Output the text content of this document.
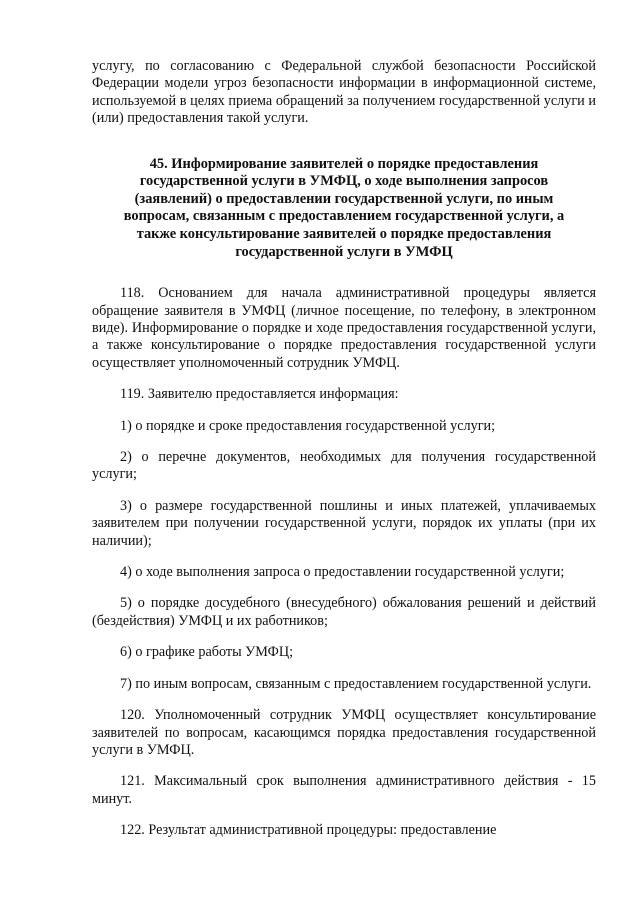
услугу, по согласованию с Федеральной службой безопасности Российской Федерации модели угроз безопасности информации в информационной системе, используемой в целях приема обращений за получением государственной услуги и (или) предоставления такой услуги.

45. Информирование заявителей о порядке предоставления государственной услуги в УМФЦ, о ходе выполнения запросов (заявлений) о предоставлении государственной услуги, по иным вопросам, связанным с предоставлением государственной услуги, а также консультирование заявителей о порядке предоставления государственной услуги в УМФЦ

118. Основанием для начала административной процедуры является обращение заявителя в УМФЦ (личное посещение, по телефону, в электронном виде). Информирование о порядке и ходе предоставления государственной услуги, а также консультирование о порядке предоставления государственной услуги осуществляет уполномоченный сотрудник УМФЦ.

119. Заявителю предоставляется информация:

1) о порядке и сроке предоставления государственной услуги;

2) о перечне документов, необходимых для получения государственной услуги;

3) о размере государственной пошлины и иных платежей, уплачиваемых заявителем при получении государственной услуги, порядок их уплаты (при их наличии);

4) о ходе выполнения запроса о предоставлении государственной услуги;

5) о порядке досудебного (внесудебного) обжалования решений и действий (бездействия) УМФЦ и их работников;

6) о графике работы УМФЦ;

7) по иным вопросам, связанным с предоставлением государственной услуги.

120. Уполномоченный сотрудник УМФЦ осуществляет консультирование заявителей по вопросам, касающимся порядка предоставления государственной услуги в УМФЦ.

121. Максимальный срок выполнения административного действия - 15 минут.

122. Результат административной процедуры: предоставление
